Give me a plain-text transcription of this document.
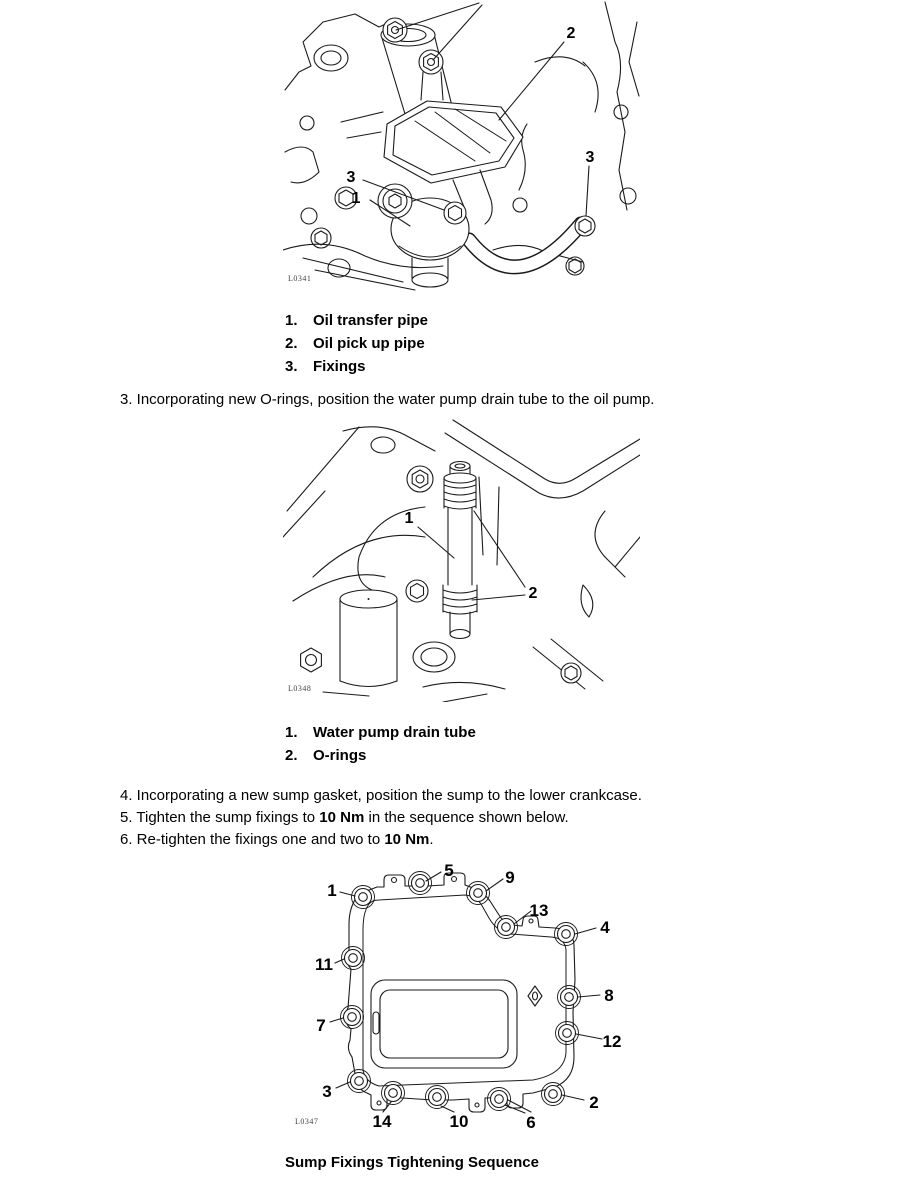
2
3
1
3
L0341
1.	Oil transfer pipe
2.	Oil pick up pipe
3.	Fixings
3. Incorporating new O-rings, position the water pump drain tube to the oil pump.
1
2
L0348
1.	Water pump drain tube
2.	O-rings
4. Incorporating a new sump gasket, position the sump to the lower crankcase.
5. Tighten the sump fixings to 10 Nm in the sequence shown below.
6. Re-tighten the fixings one and two to 10 Nm.
1
5	9
13
4
11
8
7
12
3
14	10	6
2
L0347
Sump Fixings Tightening Sequence
